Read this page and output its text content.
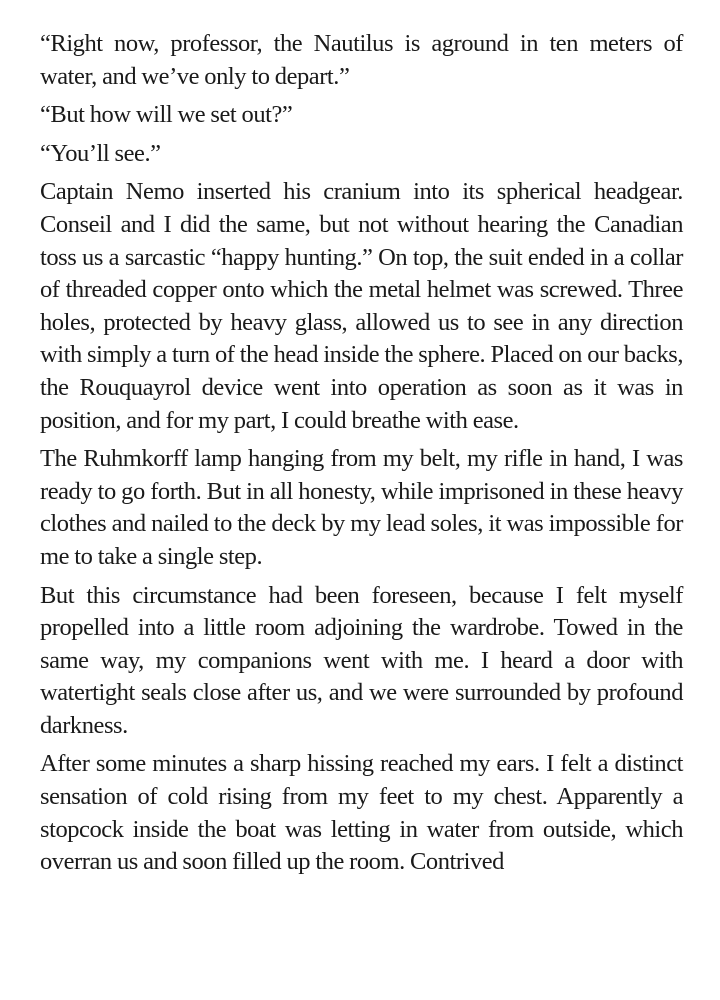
“Right now, professor, the Nautilus is aground in ten meters of water, and we’ve only to depart.”

“But how will we set out?”

“You’ll see.”

Captain Nemo inserted his cranium into its spherical headgear. Conseil and I did the same, but not without hearing the Canadian toss us a sarcastic “happy hunting.” On top, the suit ended in a collar of threaded copper onto which the metal helmet was screwed. Three holes, protected by heavy glass, allowed us to see in any direction with simply a turn of the head inside the sphere. Placed on our backs, the Rouquayrol device went into operation as soon as it was in position, and for my part, I could breathe with ease.

The Ruhmkorff lamp hanging from my belt, my rifle in hand, I was ready to go forth. But in all honesty, while imprisoned in these heavy clothes and nailed to the deck by my lead soles, it was impossible for me to take a single step.

But this circumstance had been foreseen, because I felt myself propelled into a little room adjoining the wardrobe. Towed in the same way, my companions went with me. I heard a door with watertight seals close after us, and we were surrounded by profound darkness.

After some minutes a sharp hissing reached my ears. I felt a distinct sensation of cold rising from my feet to my chest. Apparently a stopcock inside the boat was letting in water from outside, which overran us and soon filled up the room. Contrived
